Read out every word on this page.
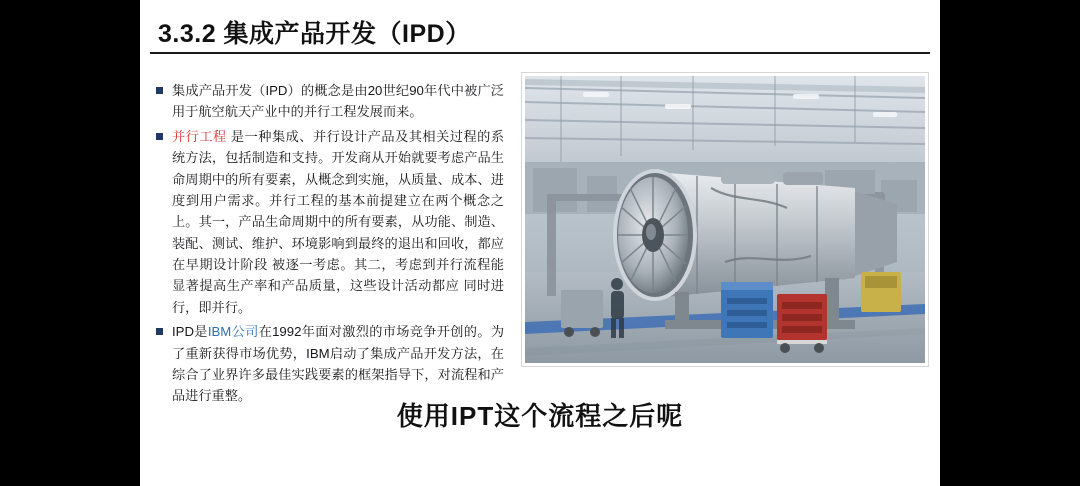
3.3.2 集成产品开发（IPD）
集成产品开发（IPD）的概念是由20世纪90年代中被广泛用于航空航天产业中的并行工程发展而来。
并行工程 是一种集成、并行设计产品及其相关过程的系统方法，包括制造和支持。开发商从开始就要考虑产品生命周期中的所有要素，从概念到实施，从质量、成本、进度到用户需求。并行工程的基本前提建立在两个概念之上。其一，产品生命周期中的所有要素，从功能、制造、装配、测试、维护、环境影响到最终的退出和回收，都应在早期设计阶段 被逐一考虑。其二，考虑到并行流程能显著提高生产率和产品质量，这些设计活动都应 同时进行，即并行。
IPD是IBM公司在1992年面对激烈的市场竞争开创的。为了重新获得市场优势，IBM启动了集成产品开发方法，在综合了业界许多最佳实践要素的框架指导下，对流程和产品进行重整。
使用IPT这个流程之后呢
